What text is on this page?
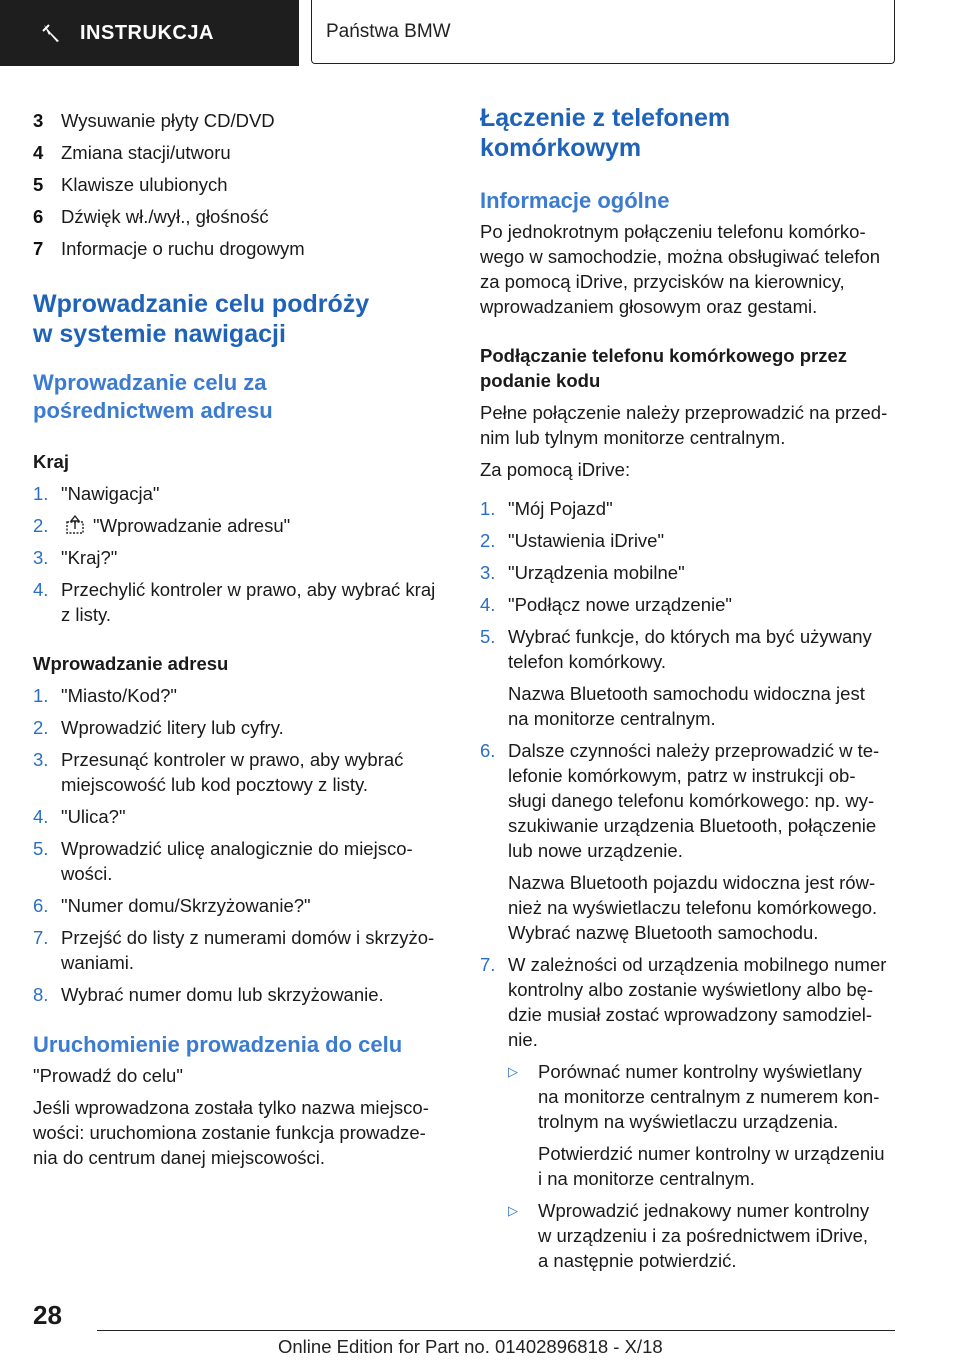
INSTRUKCJA	Państwa BMW
3 Wysuwanie płyty CD/DVD
4 Zmiana stacji/utworu
5 Klawisze ulubionych
6 Dźwięk wł./wył., głośność
7 Informacje o ruchu drogowym
Wprowadzanie celu podróży
w systemie nawigacji
Wprowadzanie celu za
pośrednictwem adresu
Kraj
1. "Nawigacja"
2.	"Wprowadzanie adresu"
3. "Kraj?"
4. Przechylić kontroler w prawo, aby wybrać kraj
z listy.
Wprowadzanie adresu
1. "Miasto/Kod?"
2. Wprowadzić litery lub cyfry.
3. Przesunąć kontroler w prawo, aby wybrać
miejscowość lub kod pocztowy z listy.
4. "Ulica?"
5. Wprowadzić ulicę analogicznie do miejsco-
wości.
6. "Numer domu/Skrzyżowanie?"
7. Przejść do listy z numerami domów i skrzyżo-
waniami.
8. Wybrać numer domu lub skrzyżowanie.
Uruchomienie prowadzenia do celu
"Prowadź do celu"
Jeśli wprowadzona została tylko nazwa miejsco-
wości: uruchomiona zostanie funkcja prowadze-
nia do centrum danej miejscowości.
Łączenie z telefonem
komórkowym
Informacje ogólne
Po jednokrotnym połączeniu telefonu komórko-
wego w samochodzie, można obsługiwać telefon
za pomocą iDrive, przycisków na kierownicy,
wprowadzaniem głosowym oraz gestami.
Podłączanie telefonu komórkowego przez
podanie kodu
Pełne połączenie należy przeprowadzić na przed-
nim lub tylnym monitorze centralnym.
Za pomocą iDrive:
1. "Mój Pojazd"
2. "Ustawienia iDrive"
3. "Urządzenia mobilne"
4. "Podłącz nowe urządzenie"
5. Wybrać funkcje, do których ma być używany
telefon komórkowy.
Nazwa Bluetooth samochodu widoczna jest
na monitorze centralnym.
6. Dalsze czynności należy przeprowadzić w te-
lefonie komórkowym, patrz w instrukcji ob-
sługi danego telefonu komórkowego: np. wy-
szukiwanie urządzenia Bluetooth, połączenie
lub nowe urządzenie.
Nazwa Bluetooth pojazdu widoczna jest rów-
nież na wyświetlaczu telefonu komórkowego.
Wybrać nazwę Bluetooth samochodu.
7. W zależności od urządzenia mobilnego numer
kontrolny albo zostanie wyświetlony albo bę-
dzie musiał zostać wprowadzony samodziel-
nie.
▷	Porównać numer kontrolny wyświetlany
na monitorze centralnym z numerem kon-
trolnym na wyświetlaczu urządzenia.
Potwierdzić numer kontrolny w urządzeniu
i na monitorze centralnym.
▷	Wprowadzić jednakowy numer kontrolny
w urządzeniu i za pośrednictwem iDrive,
a następnie potwierdzić.
28
Online Edition for Part no. 01402896818 - X/18
